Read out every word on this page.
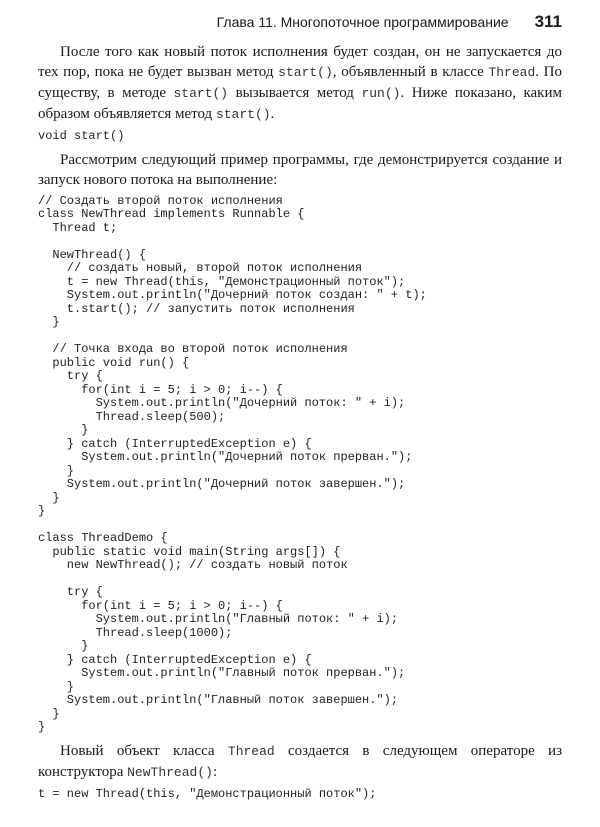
Глава 11. Многопоточное программирование 311
После того как новый поток исполнения будет создан, он не запускается до тех пор, пока не будет вызван метод start(), объявленный в классе Thread. По существу, в методе start() вызывается метод run(). Ниже показано, каким образом объявляется метод start().
void start()
Рассмотрим следующий пример программы, где демонстрируется создание и запуск нового потока на выполнение:
// Создать второй поток исполнения
class NewThread implements Runnable {
Thread t;

NewThread() {
// создать новый, второй поток исполнения
t = new Thread(this, "Демонстрационный поток");
System.out.println("Дочерний поток создан: " + t);
t.start(); // запустить поток исполнения
}

// Точка входа во второй поток исполнения
public void run() {
try {
for(int i = 5; i > 0; i--) {
System.out.println("Дочерний поток: " + i);
Thread.sleep(500);
}
} catch (InterruptedException e) {
System.out.println("Дочерний поток прерван.");
}
System.out.println("Дочерний поток завершен.");
}
}

class ThreadDemo {
public static void main(String args[]) {
new NewThread(); // создать новый поток

try {
for(int i = 5; i > 0; i--) {
System.out.println("Главный поток: " + i);
Thread.sleep(1000);
}
} catch (InterruptedException e) {
System.out.println("Главный поток прерван.");
}
System.out.println("Главный поток завершен.");
}
}
Новый объект класса Thread создается в следующем операторе из конструктора NewThread():
t = new Thread(this, "Демонстрационный поток");
